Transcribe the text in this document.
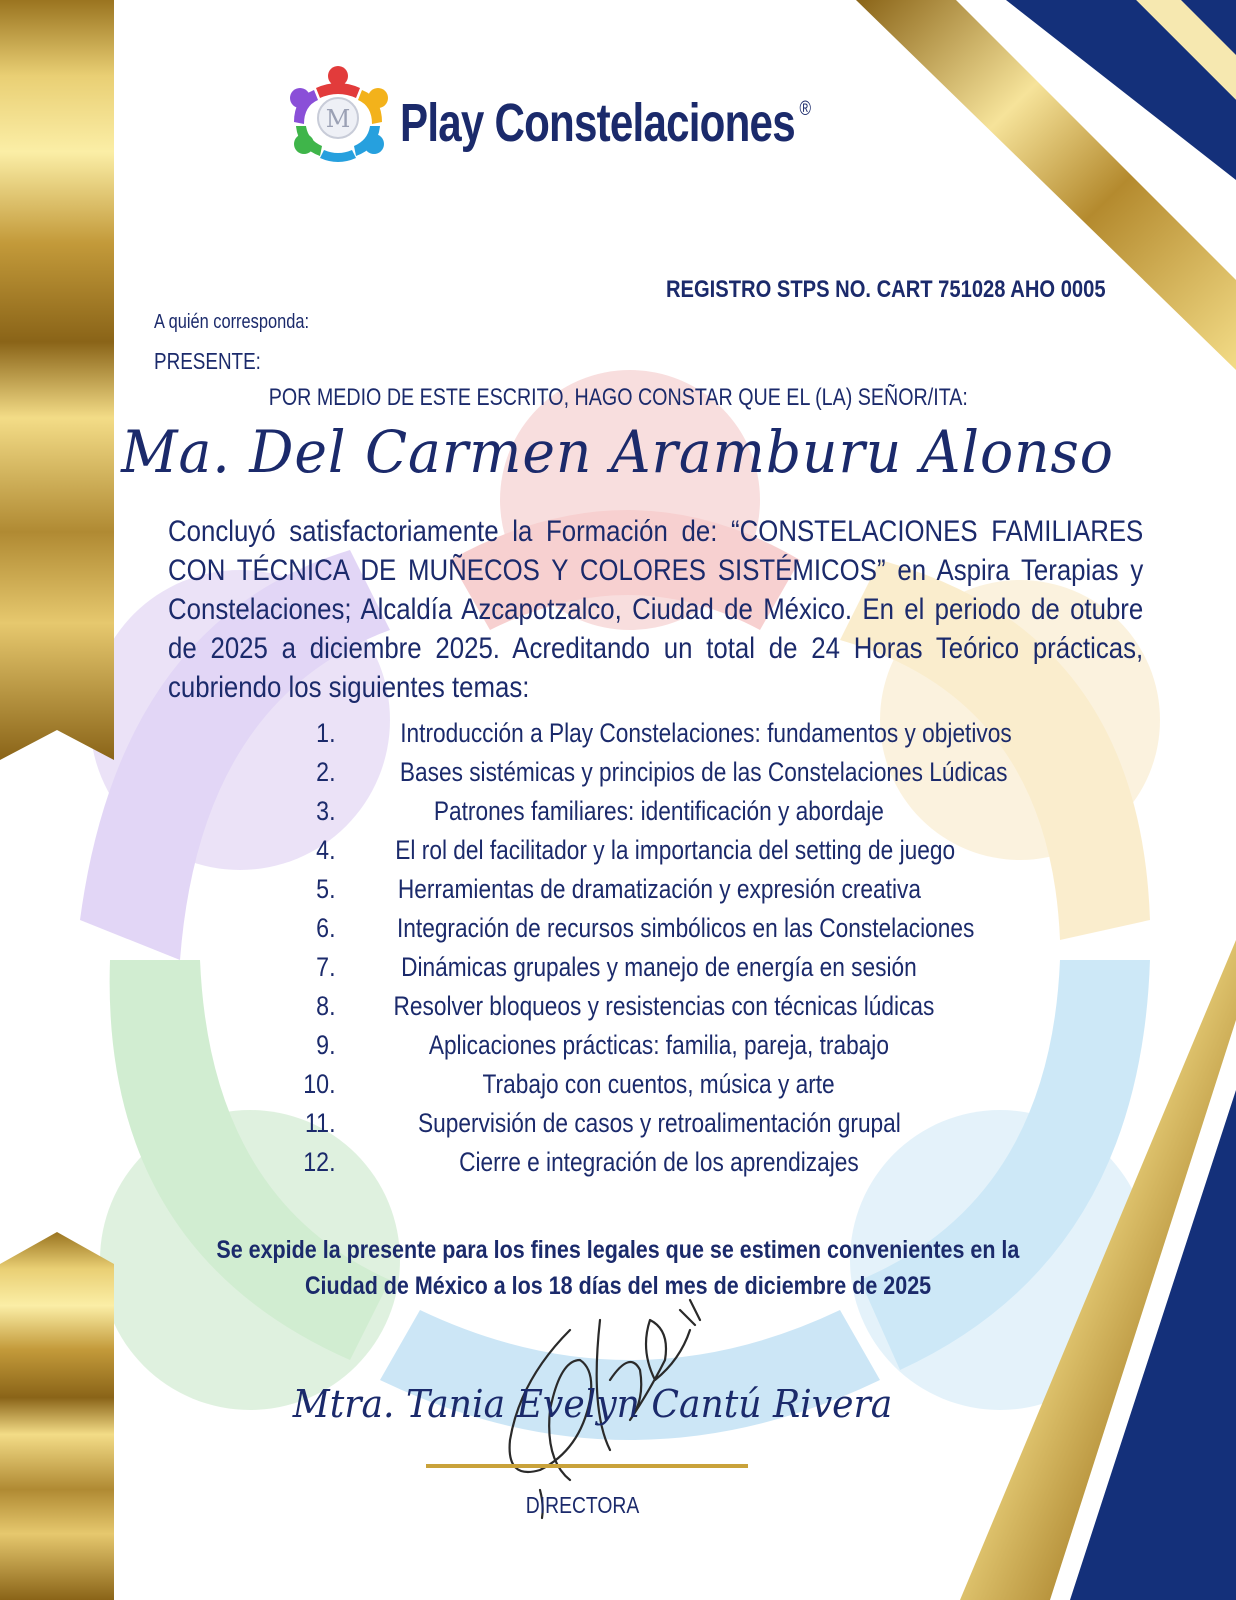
M Play Constelaciones ®
REGISTRO STPS NO. CART 751028 AHO 0005
A quién corresponda:
PRESENTE:
POR MEDIO DE ESTE ESCRITO, HAGO CONSTAR QUE EL (LA) SEÑOR/ITA:
Ma. Del Carmen Aramburu Alonso
Concluyó satisfactoriamente la Formación de: “CONSTELACIONES FAMILIARES CON TÉCNICA DE MUÑECOS Y COLORES SISTÉMICOS” en Aspira Terapias y Constelaciones; Alcaldía Azcapotzalco, Ciudad de México. En el periodo de otubre de 2025 a diciembre 2025. Acreditando un total de 24 Horas Teórico prácticas, cubriendo los siguientes temas:
1.	Introducción a Play Constelaciones: fundamentos y objetivos
2.	Bases sistémicas y principios de las Constelaciones Lúdicas
3.	Patrones familiares: identificación y abordaje
4.	El rol del facilitador y la importancia del setting de juego
5.	Herramientas de dramatización y expresión creativa
6.	Integración de recursos simbólicos en las Constelaciones
7.	Dinámicas grupales y manejo de energía en sesión
8.	Resolver bloqueos y resistencias con técnicas lúdicas
9.	Aplicaciones prácticas: familia, pareja, trabajo
10.	Trabajo con cuentos, música y arte
11.	Supervisión de casos y retroalimentación grupal
12.	Cierre e integración de los aprendizajes
Se expide la presente para los fines legales que se estimen convenientes en la
Ciudad de México a los 18 días del mes de diciembre de 2025
Mtra. Tania Evelyn Cantú Rivera
DIRECTORA
